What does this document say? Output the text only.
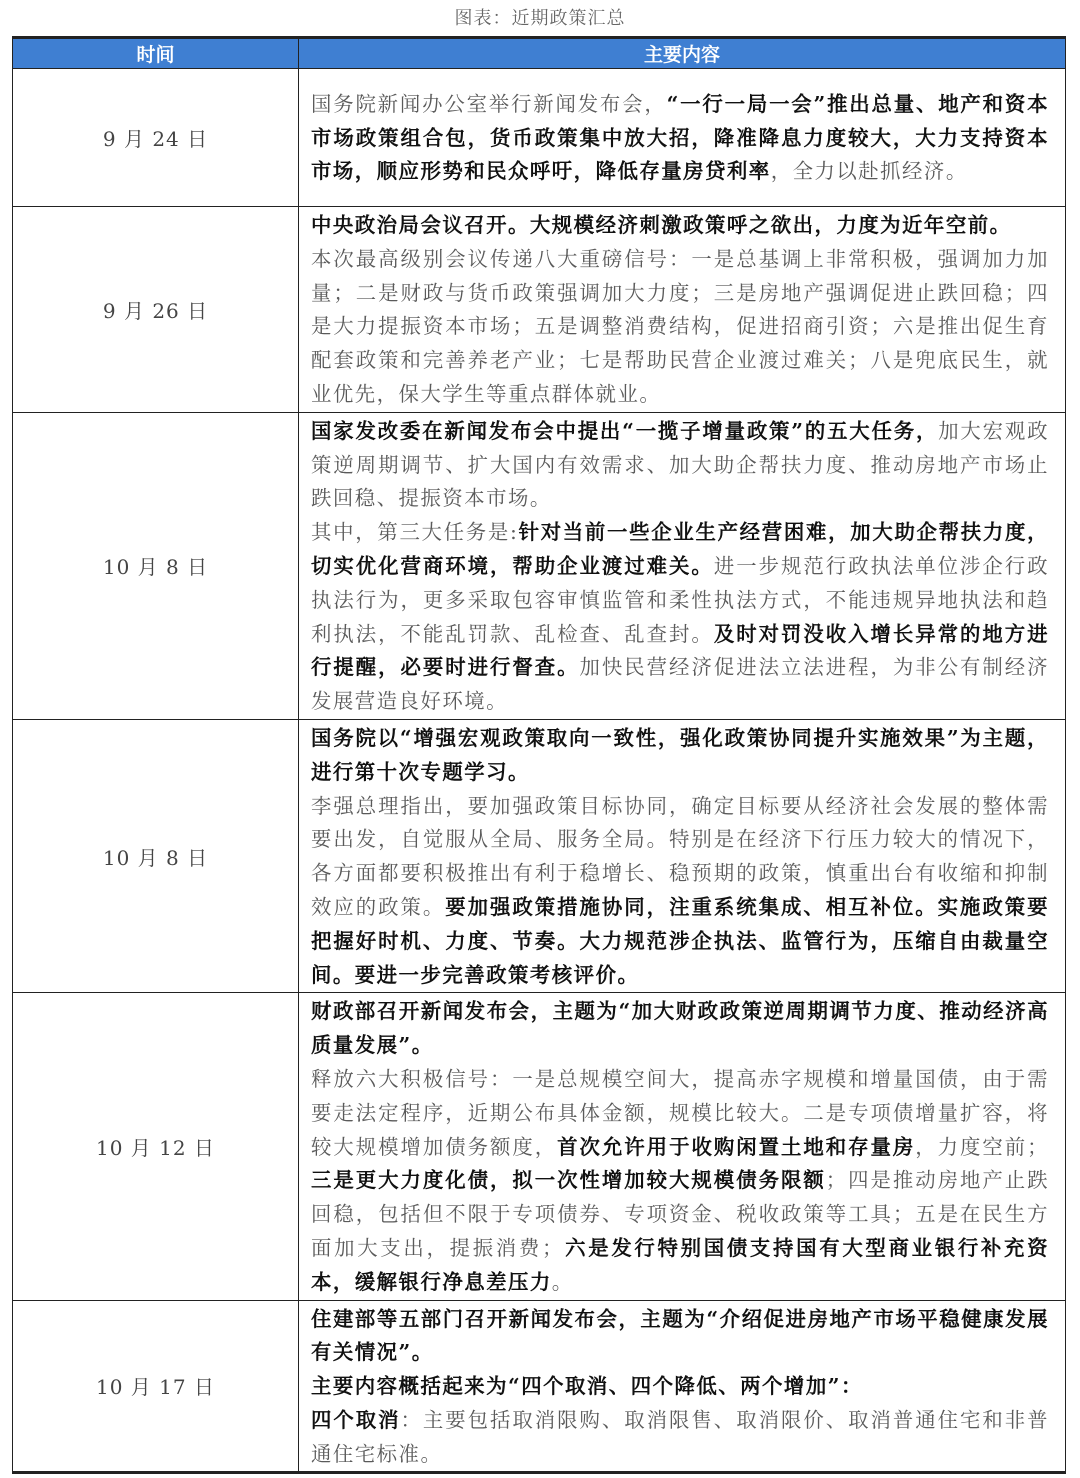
图表：近期政策汇总
时间	主要内容
9 月 24 日	国务院新闻办公室举行新闻发布会，“一行一局一会”推出总量、地产和资本市场政策组合包，货币政策集中放大招，降准降息力度较大，大力支持资本市场，顺应形势和民众呼吁，降低存量房贷利率，全力以赴抓经济。

9 月 26 日	中央政治局会议召开。大规模经济刺激政策呼之欲出，力度为近年空前。
本次最高级别会议传递八大重磅信号：一是总基调上非常积极，强调加力加量；二是财政与货币政策强调加大力度；三是房地产强调促进止跌回稳；四是大力提振资本市场；五是调整消费结构，促进招商引资；六是推出促生育配套政策和完善养老产业；七是帮助民营企业渡过难关；八是兜底民生，就业优先，保大学生等重点群体就业。

10 月 8 日	国家发改委在新闻发布会中提出“一揽子增量政策”的五大任务，加大宏观政策逆周期调节、扩大国内有效需求、加大助企帮扶力度、推动房地产市场止跌回稳、提振资本市场。
其中，第三大任务是:针对当前一些企业生产经营困难，加大助企帮扶力度，切实优化营商环境，帮助企业渡过难关。进一步规范行政执法单位涉企行政执法行为，更多采取包容审慎监管和柔性执法方式，不能违规异地执法和趋利执法，不能乱罚款、乱检查、乱查封。及时对罚没收入增长异常的地方进行提醒，必要时进行督查。加快民营经济促进法立法进程，为非公有制经济发展营造良好环境。

10 月 8 日	国务院以“增强宏观政策取向一致性，强化政策协同提升实施效果”为主题，进行第十次专题学习。
李强总理指出，要加强政策目标协同，确定目标要从经济社会发展的整体需要出发，自觉服从全局、服务全局。特别是在经济下行压力较大的情况下，各方面都要积极推出有利于稳增长、稳预期的政策，慎重出台有收缩和抑制效应的政策。要加强政策措施协同，注重系统集成、相互补位。实施政策要把握好时机、力度、节奏。大力规范涉企执法、监管行为，压缩自由裁量空间。要进一步完善政策考核评价。

10 月 12 日	财政部召开新闻发布会，主题为“加大财政政策逆周期调节力度、推动经济高质量发展”。
释放六大积极信号：一是总规模空间大，提高赤字规模和增量国债，由于需要走法定程序，近期公布具体金额，规模比较大。二是专项债增量扩容，将较大规模增加债务额度，首次允许用于收购闲置土地和存量房，力度空前；三是更大力度化债，拟一次性增加较大规模债务限额；四是推动房地产止跌回稳，包括但不限于专项债券、专项资金、税收政策等工具；五是在民生方面加大支出，提振消费；六是发行特别国债支持国有大型商业银行补充资本，缓解银行净息差压力。

10 月 17 日	住建部等五部门召开新闻发布会，主题为“介绍促进房地产市场平稳健康发展有关情况”。
主要内容概括起来为“四个取消、四个降低、两个增加”：
四个取消：主要包括取消限购、取消限售、取消限价、取消普通住宅和非普通住宅标准。
